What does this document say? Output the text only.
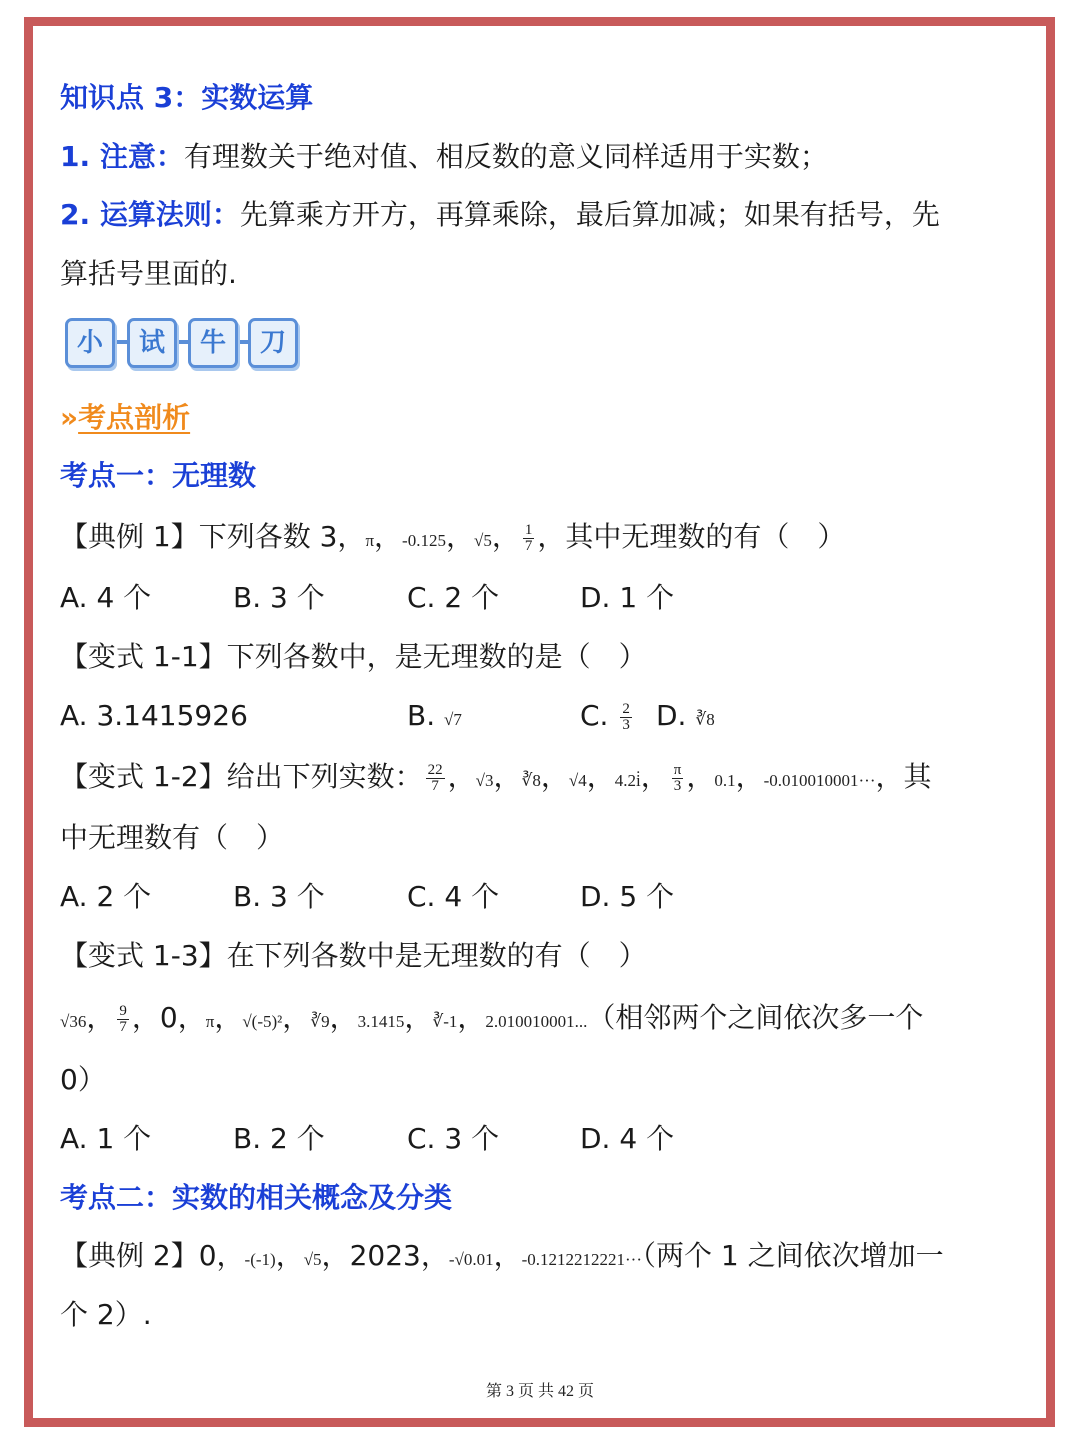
知识点 3：实数运算
1. 注意：有理数关于绝对值、相反数的意义同样适用于实数；
2. 运算法则：先算乘方开方，再算乘除，最后算加减；如果有括号，先
算括号里面的.
小	试	牛	刀
»考点剖析
考点一：无理数
【典例 1】下列各数 3，π，-0.125，√5， $\frac{1}{7}$ ，其中无理数的有（　）
A. 4 个	B. 3 个	C. 2 个	D. 1 个
【变式 1-1】下列各数中，是无理数的是（　）
A. 3.1415926	B. √7	C. $\frac{2}{3} D$. ∛8
【变式 1-2】给出下列实数： $\frac{22}{7}$ ，√3，∛8，√4，4.2i̇， $\frac{\pi}{3}$ ，0.1，-0.010010001···，其
中无理数有（　）
A. 2 个	B. 3 个	C. 4 个	D. 5 个
【变式 1-3】在下列各数中是无理数的有（　）
√36， $\frac{9}{7}$ ，0，π，√(-5)²，∛9，3.1415，∛-1，2.010010001...（相邻两个之间依次多一个
0）
A. 1 个	B. 2 个	C. 3 个	D. 4 个
考点二：实数的相关概念及分类
【典例 2】0，-(-1)，√5，2023，-√0.01，-0.1212212221···（两个 1 之间依次增加一
个 2）.
第 3 页 共 42 页
